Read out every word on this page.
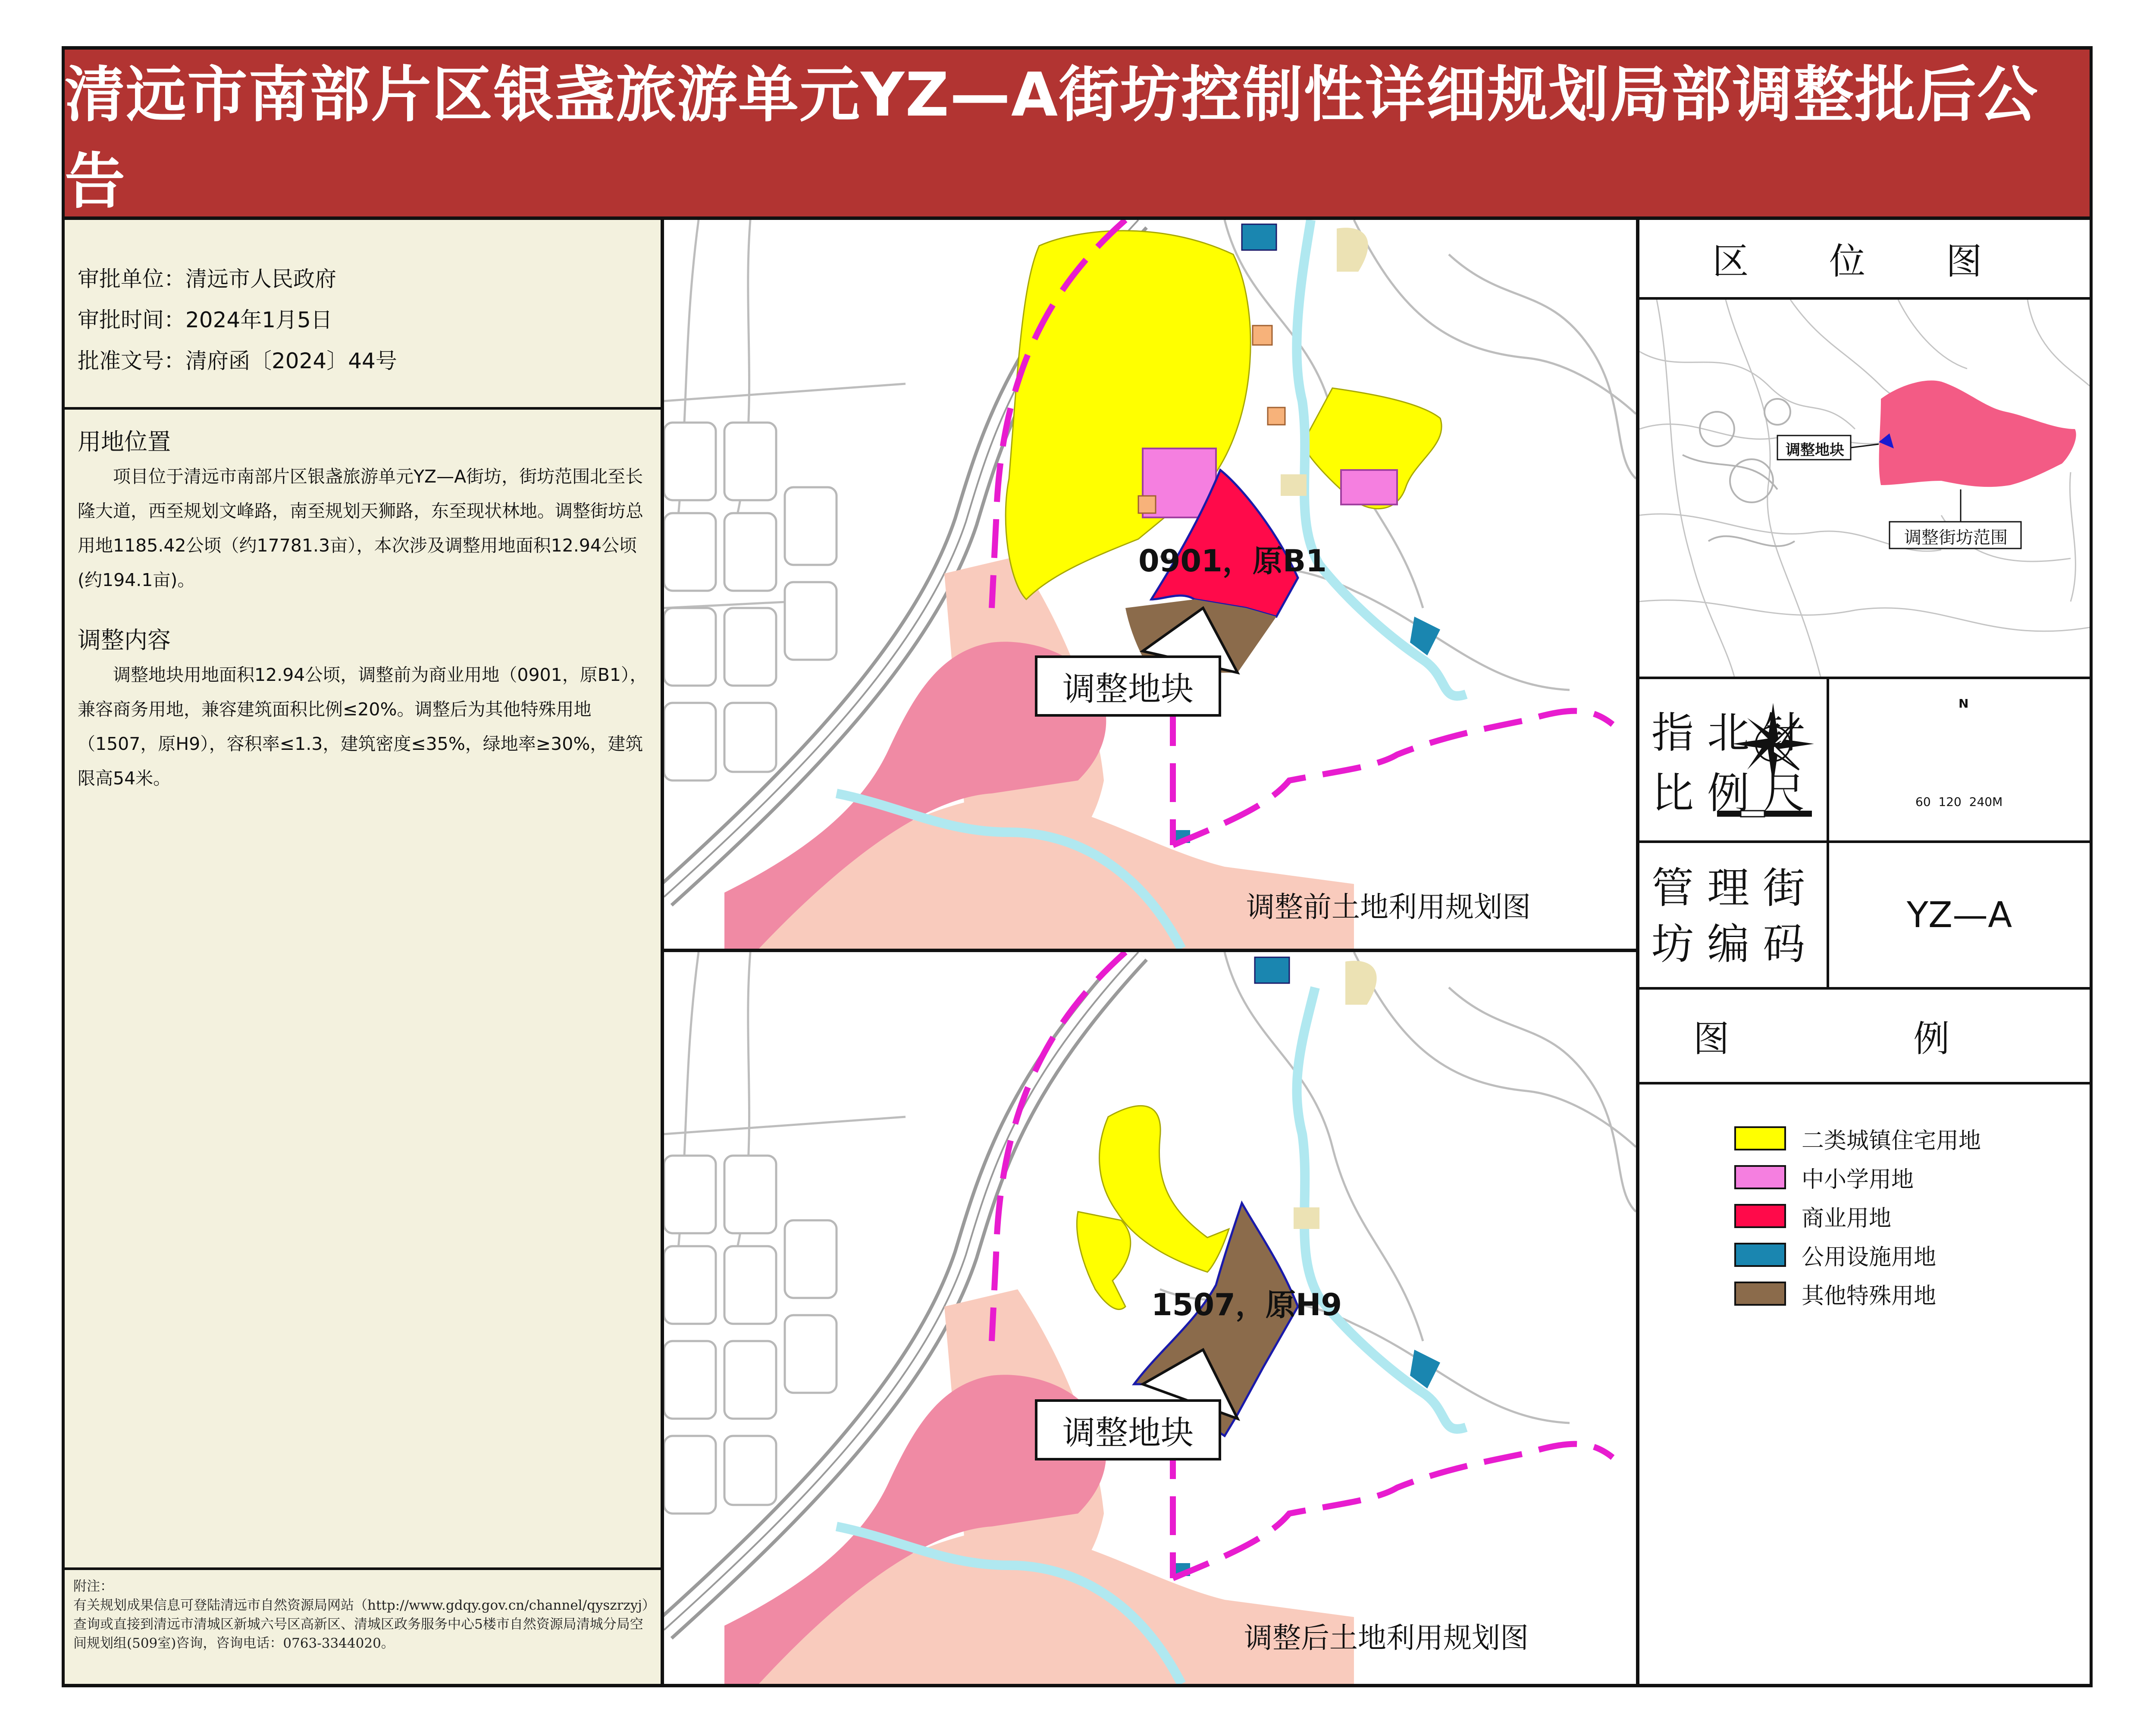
清远市南部片区银盏旅游单元YZ—A街坊控制性详细规划局部调整批后公告
审批单位：清远市人民政府
审批时间：2024年1月5日
批准文号：清府函〔2024〕44号
用地位置

项目位于清远市南部片区银盏旅游单元YZ—A街坊，街坊范围北至长隆大道，西至规划文峰路，南至规划天狮路，东至现状林地。调整街坊总用地1185.42公顷（约17781.3亩），本次涉及调整用地面积12.94公顷(约194.1亩)。

调整内容

调整地块用地面积12.94公顷，调整前为商业用地（0901，原B1），兼容商务用地，兼容建筑面积比例≤20%。调整后为其他特殊用地（1507，原H9），容积率≤1.3，建筑密度≤35%，绿地率≥30%，建筑限高54米。

附注：
有关规划成果信息可登陆清远市自然资源局网站（http://www.gdqy.gov.cn/channel/qyszrzyj）查询或直接到清远市清城区新城六号区高新区、清城区政务服务中心5楼市自然资源局清城分局空间规划组(509室)咨询，咨询电话：0763-3344020。
0901，原B1
调整地块
调整前土地利用规划图
1507，原H9
调整地块
调整后土地利用规划图
区 位 图
调整地块
调整街坊范围
指 北 针
比 例 尺
N
60  120  240M
管 理 街
坊 编 码
YZ—A
图 例
二类城镇住宅用地
中小学用地
商业用地
公用设施用地
其他特殊用地
